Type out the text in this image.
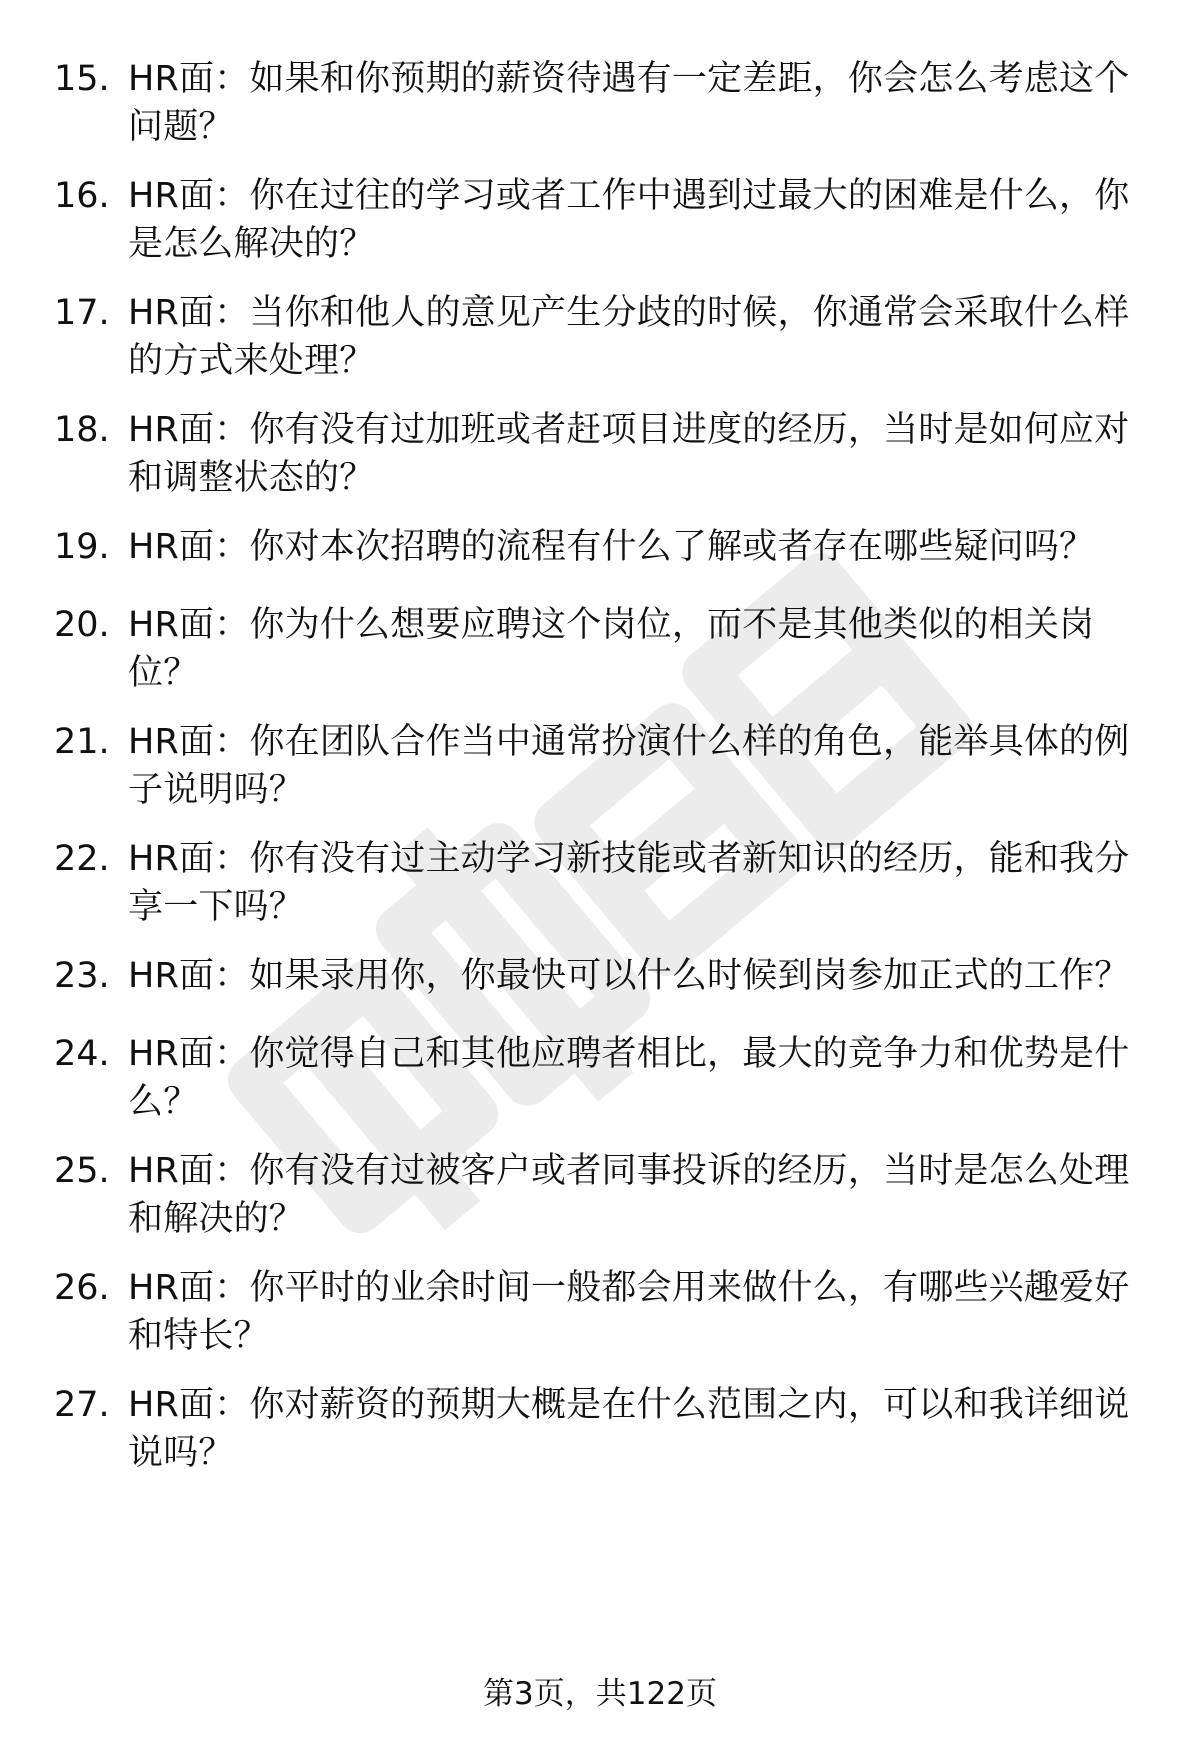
15. HR面：如果和你预期的薪资待遇有一定差距，你会怎么考虑这个问题？
16. HR面：你在过往的学习或者工作中遇到过最大的困难是什么，你是怎么解决的？
17. HR面：当你和他人的意见产生分歧的时候，你通常会采取什么样的方式来处理？
18. HR面：你有没有过加班或者赶项目进度的经历，当时是如何应对和调整状态的？
19. HR面：你对本次招聘的流程有什么了解或者存在哪些疑问吗？
20. HR面：你为什么想要应聘这个岗位，而不是其他类似的相关岗位？
21. HR面：你在团队合作当中通常扮演什么样的角色，能举具体的例子说明吗？
22. HR面：你有没有过主动学习新技能或者新知识的经历，能和我分享一下吗？
23. HR面：如果录用你，你最快可以什么时候到岗参加正式的工作？
24. HR面：你觉得自己和其他应聘者相比，最大的竞争力和优势是什么？
25. HR面：你有没有过被客户或者同事投诉的经历，当时是怎么处理和解决的？
26. HR面：你平时的业余时间一般都会用来做什么，有哪些兴趣爱好和特长？
27. HR面：你对薪资的预期大概是在什么范围之内，可以和我详细说说吗？
第3页，共122页
